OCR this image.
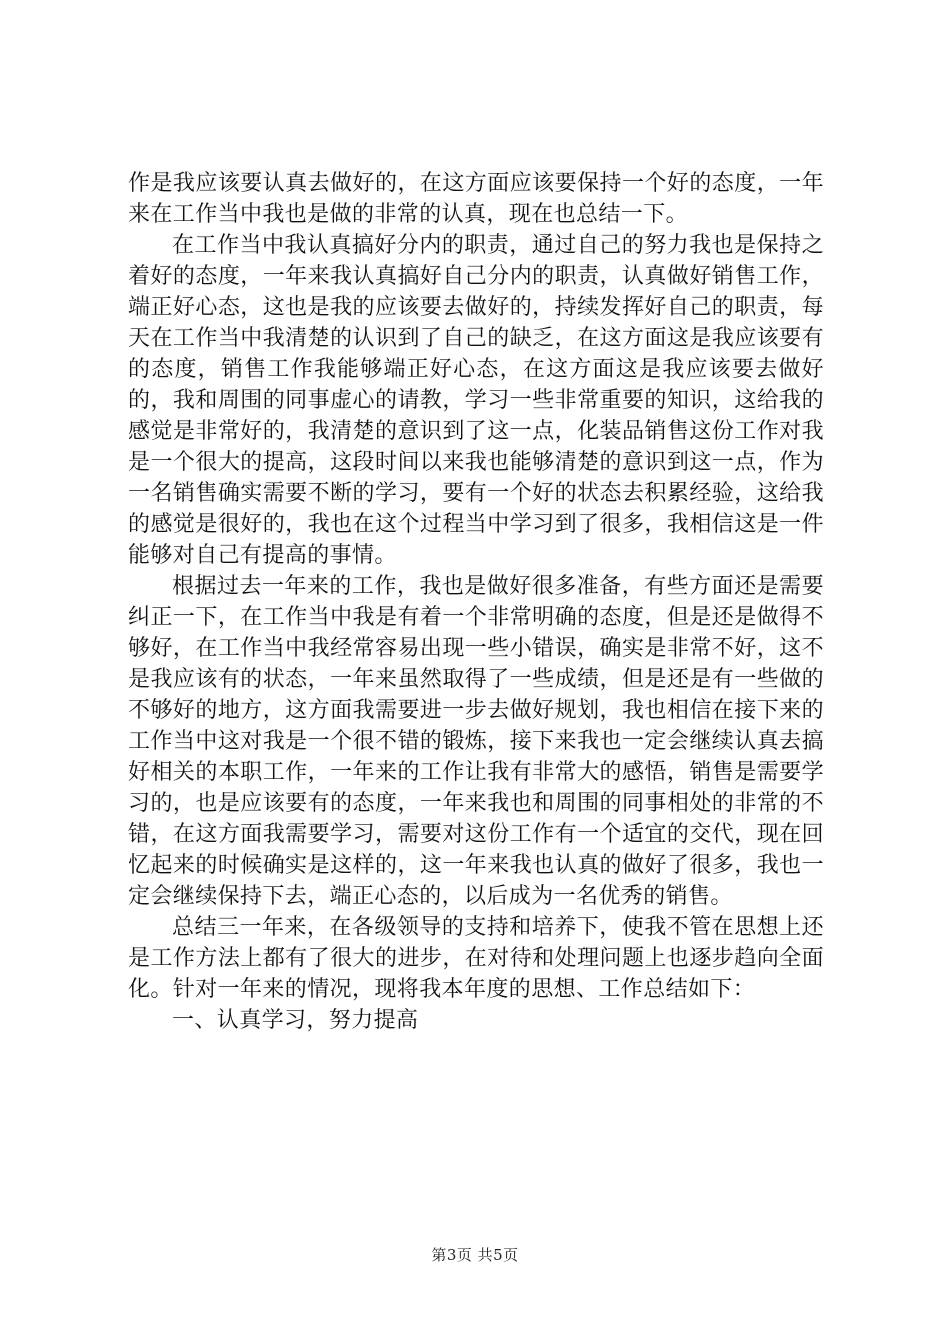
作是我应该要认真去做好的，在这方面应该要保持一个好的态度，一年来在工作当中我也是做的非常的认真，现在也总结一下。

在工作当中我认真搞好分内的职责，通过自己的努力我也是保持之着好的态度，一年来我认真搞好自己分内的职责，认真做好销售工作，端正好心态，这也是我的应该要去做好的，持续发挥好自己的职责，每天在工作当中我清楚的认识到了自己的缺乏，在这方面这是我应该要有的态度，销售工作我能够端正好心态，在这方面这是我应该要去做好的，我和周围的同事虚心的请教，学习一些非常重要的知识，这给我的感觉是非常好的，我清楚的意识到了这一点，化装品销售这份工作对我是一个很大的提高，这段时间以来我也能够清楚的意识到这一点，作为一名销售确实需要不断的学习，要有一个好的状态去积累经验，这给我的感觉是很好的，我也在这个过程当中学习到了很多，我相信这是一件能够对自己有提高的事情。

根据过去一年来的工作，我也是做好很多准备，有些方面还是需要纠正一下，在工作当中我是有着一个非常明确的态度，但是还是做得不够好，在工作当中我经常容易出现一些小错误，确实是非常不好，这不是我应该有的状态，一年来虽然取得了一些成绩，但是还是有一些做的不够好的地方，这方面我需要进一步去做好规划，我也相信在接下来的工作当中这对我是一个很不错的锻炼，接下来我也一定会继续认真去搞好相关的本职工作，一年来的工作让我有非常大的感悟，销售是需要学习的，也是应该要有的态度，一年来我也和周围的同事相处的非常的不错，在这方面我需要学习，需要对这份工作有一个适宜的交代，现在回忆起来的时候确实是这样的，这一年来我也认真的做好了很多，我也一定会继续保持下去，端正心态的，以后成为一名优秀的销售。

总结三一年来，在各级领导的支持和培养下，使我不管在思想上还是工作方法上都有了很大的进步，在对待和处理问题上也逐步趋向全面化。针对一年来的情况，现将我本年度的思想、工作总结如下：

一、认真学习，努力提高

第3页 共5页
